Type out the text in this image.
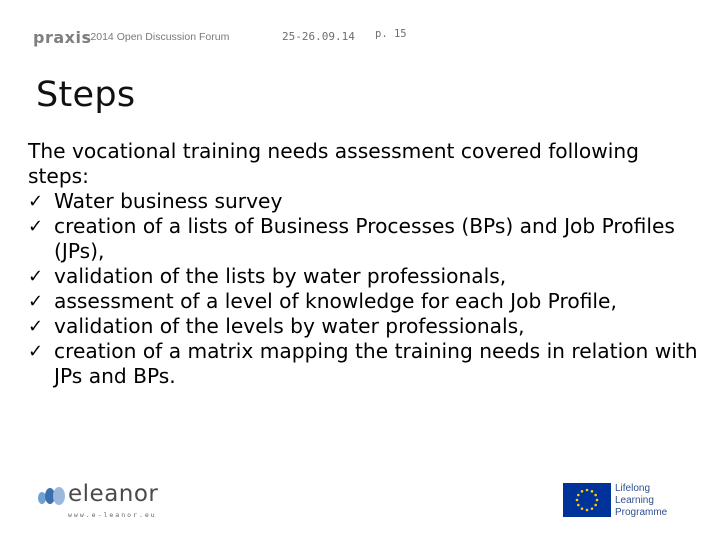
praxis
- 2014 Open Discussion Forum	25-26.09.14 p. 15
Steps

The vocational training needs assessment covered following steps:

✓ Water business survey
✓ creation of a lists of Business Processes (BPs) and Job Profiles (JPs),
✓ validation of the lists by water professionals,
✓ assessment of a level of knowledge for each Job Profile,
✓ validation of the levels by water professionals,
✓ creation of a matrix mapping the training needs in relation with JPs and BPs.
eleanor
www.e-leanor.eu
Lifelong
Learning
Programme
